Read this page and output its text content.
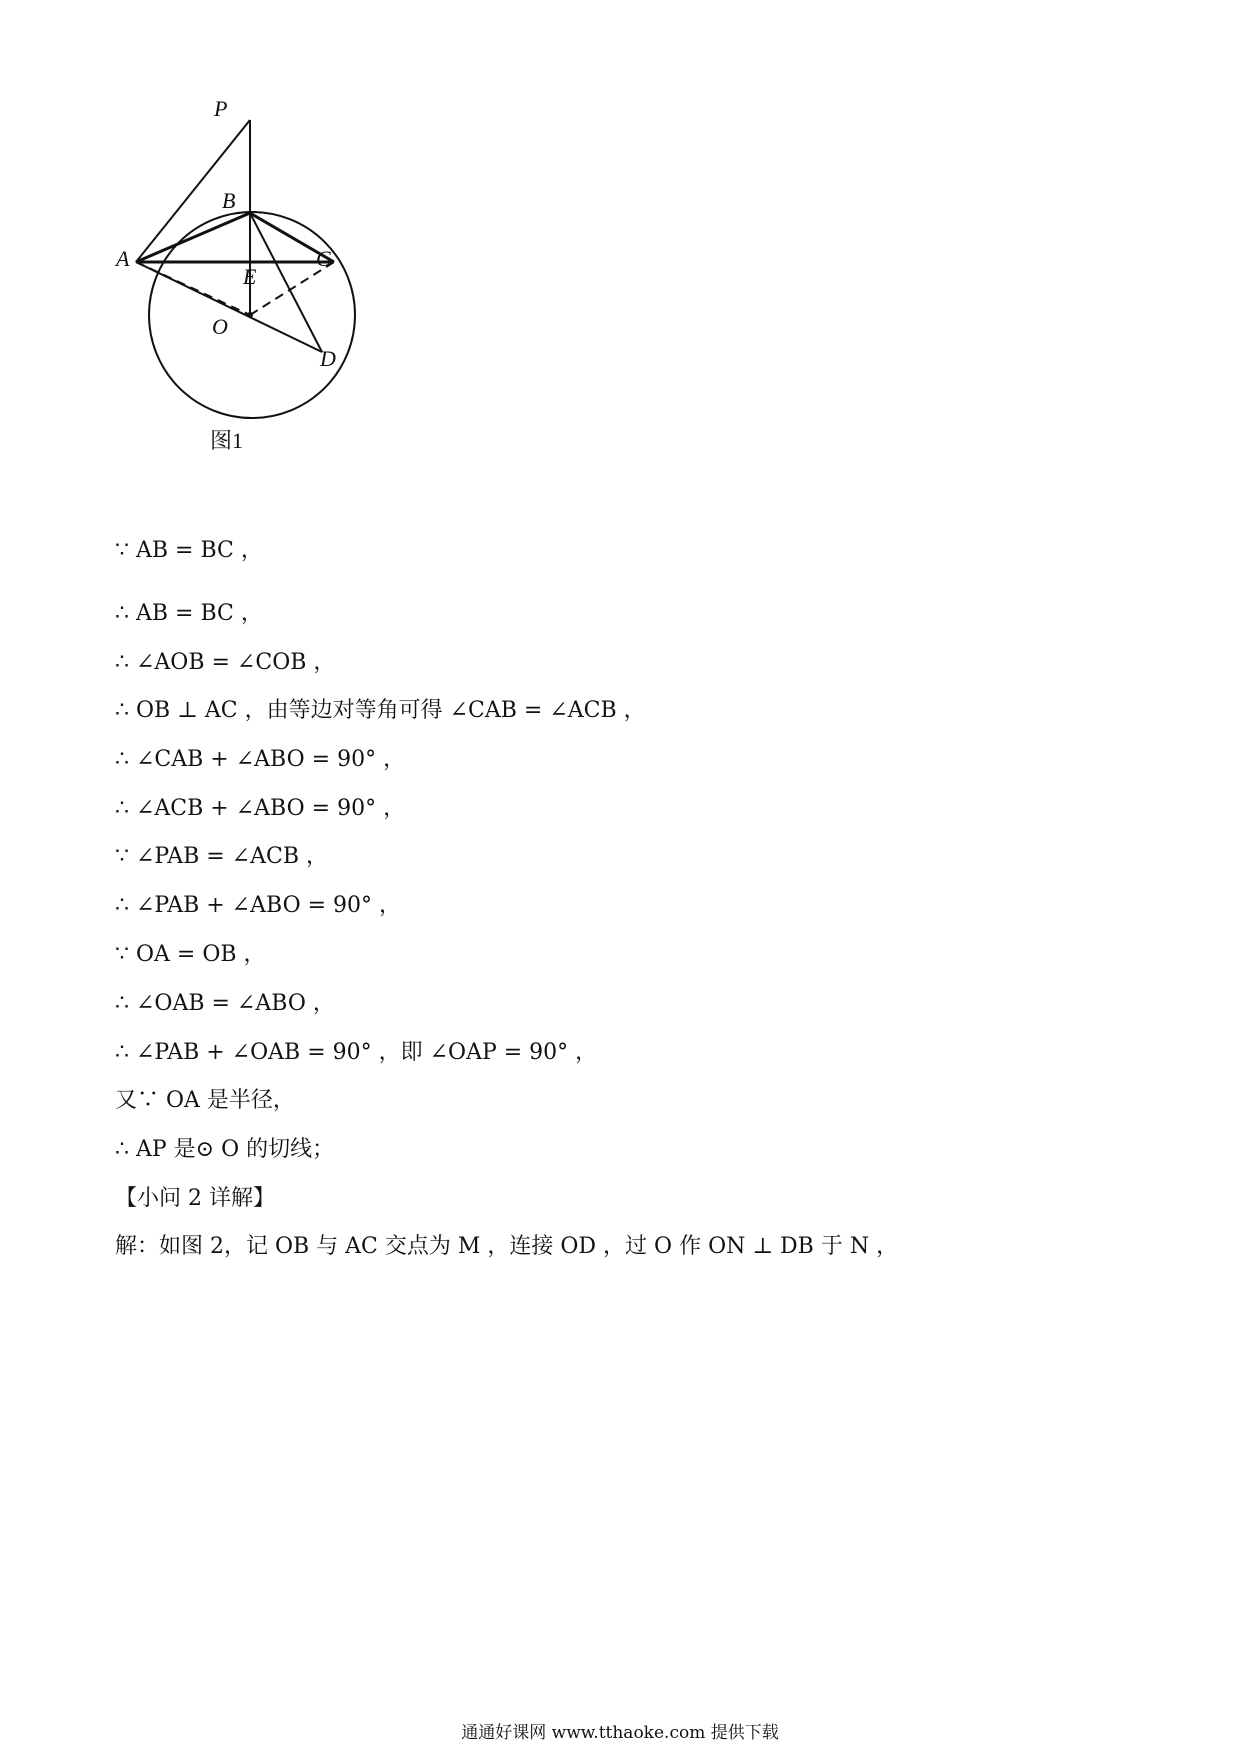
P
A
B
C
E
O
D
图1
∵ AB = BC ，
∴ AB = BC ，
∴ ∠AOB = ∠COB ，
∴ OB ⊥ AC ，由等边对等角可得 ∠CAB = ∠ACB ，
∴ ∠CAB + ∠ABO = 90° ，
∴ ∠ACB + ∠ABO = 90° ，
∵ ∠PAB = ∠ACB ，
∴ ∠PAB + ∠ABO = 90° ，
∵ OA = OB ，
∴ ∠OAB = ∠ABO ，
∴ ∠PAB + ∠OAB = 90° ，即 ∠OAP = 90° ，
又∵ OA 是半径，
∴ AP 是⊙ O 的切线；
【小问 2 详解】
解：如图 2，记 OB 与 AC 交点为 M ，连接 OD ，过 O 作 ON ⊥ DB 于 N ，
通通好课网 www.tthaoke.com 提供下载
